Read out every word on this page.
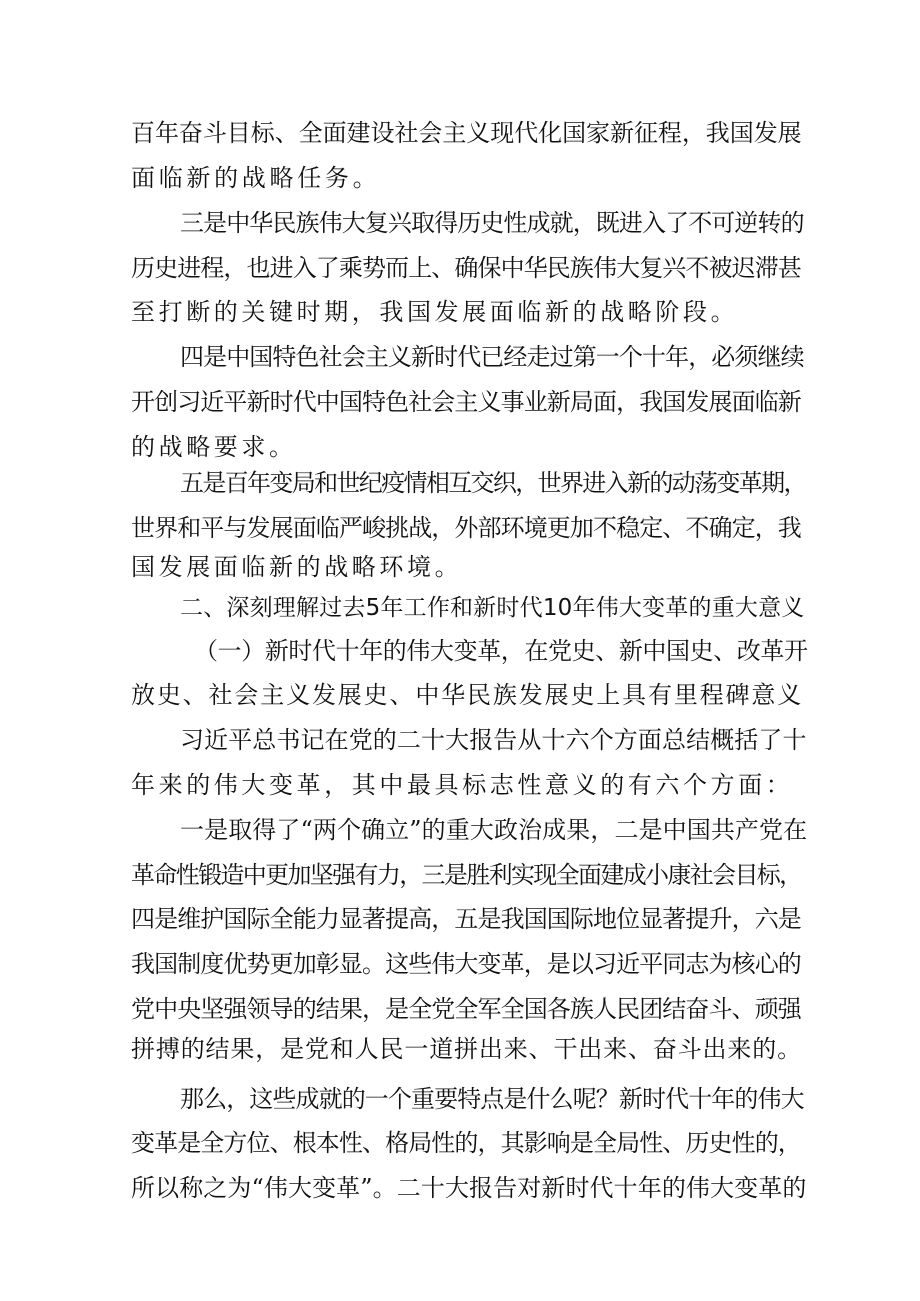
百年奋斗目标、全面建设社会主义现代化国家新征程，我国发展
面临新的战略任务。
三是中华民族伟大复兴取得历史性成就，既进入了不可逆转的
历史进程，也进入了乘势而上、确保中华民族伟大复兴不被迟滞甚
至打断的关键时期，我国发展面临新的战略阶段。
四是中国特色社会主义新时代已经走过第一个十年，必须继续
开创习近平新时代中国特色社会主义事业新局面，我国发展面临新
的战略要求。
五是百年变局和世纪疫情相互交织，世界进入新的动荡变革期，
世界和平与发展面临严峻挑战，外部环境更加不稳定、不确定，我
国发展面临新的战略环境。
二、深刻理解过去5年工作和新时代10年伟大变革的重大意义
（一）新时代十年的伟大变革，在党史、新中国史、改革开
放史、社会主义发展史、中华民族发展史上具有里程碑意义
习近平总书记在党的二十大报告从十六个方面总结概括了十
年来的伟大变革，其中最具标志性意义的有六个方面：
一是取得了“两个确立”的重大政治成果，二是中国共产党在
革命性锻造中更加坚强有力，三是胜利实现全面建成小康社会目标，
四是维护国际全能力显著提高，五是我国国际地位显著提升，六是
我国制度优势更加彰显。这些伟大变革，是以习近平同志为核心的
党中央坚强领导的结果，是全党全军全国各族人民团结奋斗、顽强
拼搏的结果，是党和人民一道拼出来、干出来、奋斗出来的。
那么，这些成就的一个重要特点是什么呢？新时代十年的伟大
变革是全方位、根本性、格局性的，其影响是全局性、历史性的，
所以称之为“伟大变革”。二十大报告对新时代十年的伟大变革的
